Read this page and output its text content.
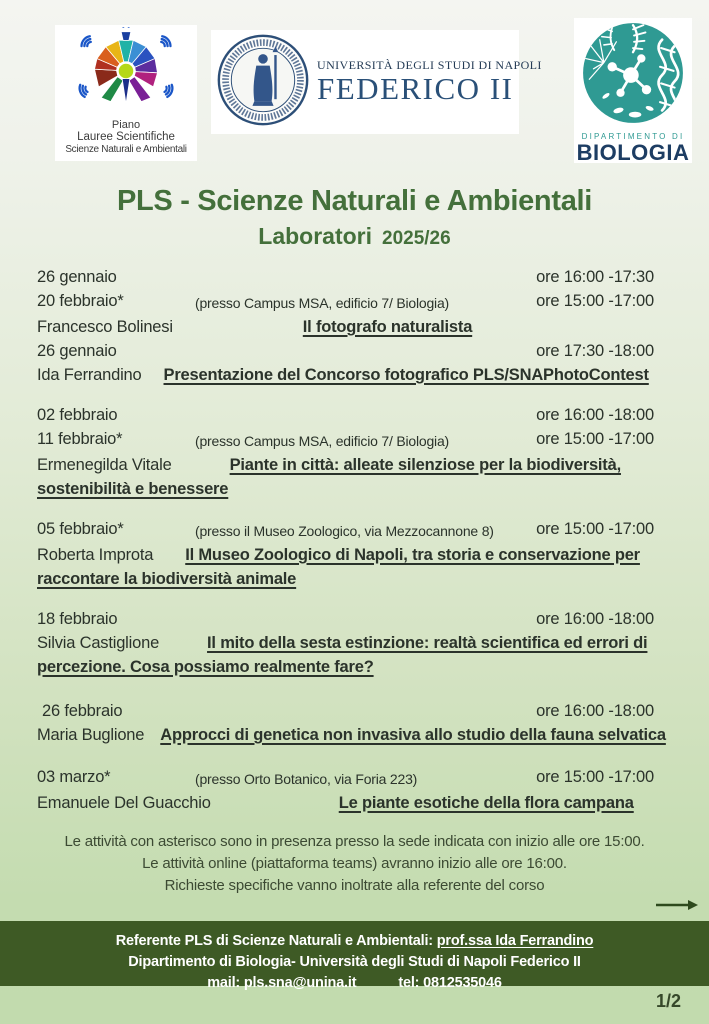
Piano
Lauree Scientifiche
Scienze Naturali e Ambientali
UNIVERSITÀ DEGLI STUDI DI NAPOLI
FEDERICO II
DIPARTIMENTO DI
BIOLOGIA
PLS - Scienze Naturali e Ambientali
Laboratori 2025/26
26 gennaio	ore 16:00 -17:30
20 febbraio*	(presso Campus MSA, edificio 7/ Biologia)	ore 15:00 -17:00

Francesco Bolinesi	Il fotografo naturalista

26 gennaio	ore 17:30 -18:00

Ida Ferrandino Presentazione del Concorso fotografico PLS/SNAPhotoContest

02 febbraio	ore 16:00 -18:00
11 febbraio*	(presso Campus MSA, edificio 7/ Biologia)	ore 15:00 -17:00

Ermenegilda Vitale	Piante in città: alleate silenziose per la biodiversità,
sostenibilità e benessere

05 febbraio*	(presso il Museo Zoologico, via Mezzocannone 8)	ore 15:00 -17:00

Roberta Improta Il Museo Zoologico di Napoli, tra storia e conservazione per
raccontare la biodiversità animale

18 febbraio	ore 16:00 -18:00

Silvia Castiglione	Il mito della sesta estinzione: realtà scientifica ed errori di
percezione. Cosa possiamo realmente fare?

26 febbraio	ore 16:00 -18:00

Maria Buglione Approcci di genetica non invasiva allo studio della fauna selvatica

03 marzo*	(presso Orto Botanico, via Foria 223)	ore 15:00 -17:00

Emanuele Del Guacchio	Le piante esotiche della flora campana

Le attività con asterisco sono in presenza presso la sede indicata con inizio alle ore 15:00.
Le attività online (piattaforma teams) avranno inizio alle ore 16:00.
Richieste specifiche vanno inoltrate alla referente del corso
Referente PLS di Scienze Naturali e Ambientali: prof.ssa Ida Ferrandino
Dipartimento di Biologia- Università degli Studi di Napoli Federico II
mail: pls.sna@unina.it	tel: 0812535046
1/2
